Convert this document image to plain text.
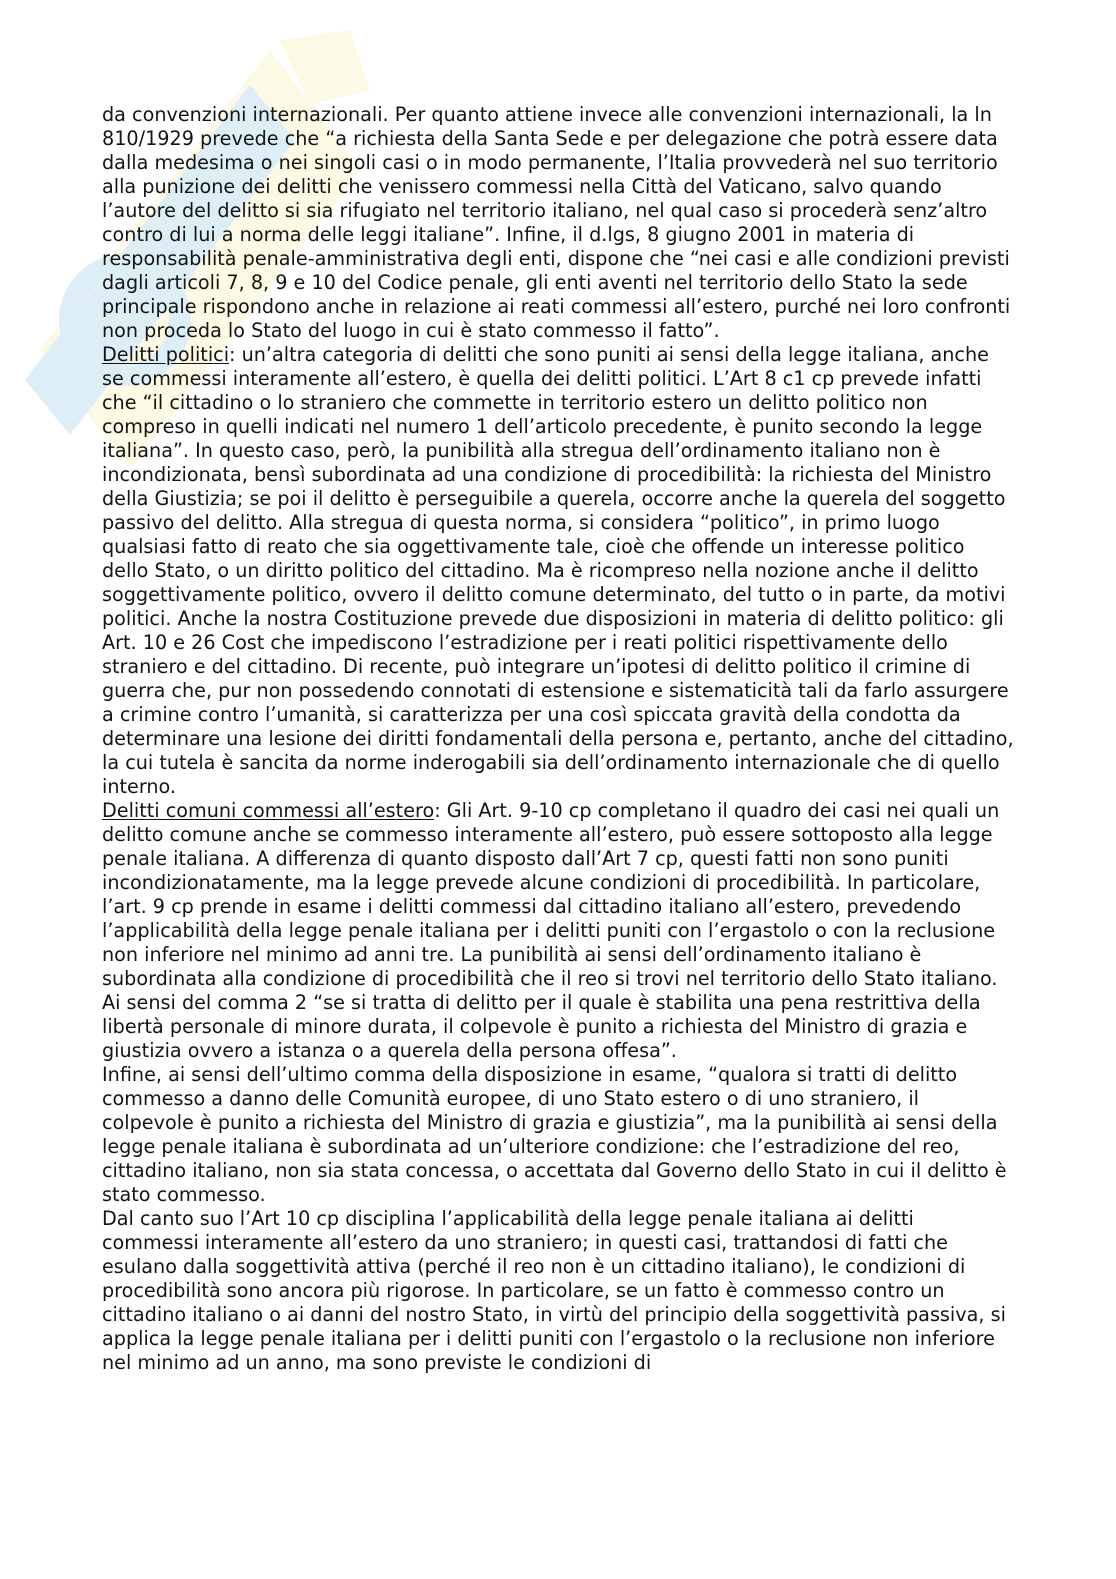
da convenzioni internazionali. Per quanto attiene invece alle convenzioni internazionali, la ln 810/1929 prevede che “a richiesta della Santa Sede e per delegazione che potrà essere data dalla medesima o nei singoli casi o in modo permanente, l’Italia provvederà nel suo territorio alla punizione dei delitti che venissero commessi nella Città del Vaticano, salvo quando l’autore del delitto si sia rifugiato nel territorio italiano, nel qual caso si procederà senz’altro contro di lui a norma delle leggi italiane”. Infine, il d.lgs, 8 giugno 2001 in materia di responsabilità penale-amministrativa degli enti, dispone che “nei casi e alle condizioni previsti dagli articoli 7, 8, 9 e 10 del Codice penale, gli enti aventi nel territorio dello Stato la sede principale rispondono anche in relazione ai reati commessi all’estero, purché nei loro confronti non proceda lo Stato del luogo in cui è stato commesso il fatto”.

Delitti politici: un’altra categoria di delitti che sono puniti ai sensi della legge italiana, anche se commessi interamente all’estero, è quella dei delitti politici. L’Art 8 c1 cp prevede infatti che “il cittadino o lo straniero che commette in territorio estero un delitto politico non compreso in quelli indicati nel numero 1 dell’articolo precedente, è punito secondo la legge italiana”. In questo caso, però, la punibilità alla stregua dell’ordinamento italiano non è incondizionata, bensì subordinata ad una condizione di procedibilità: la richiesta del Ministro della Giustizia; se poi il delitto è perseguibile a querela, occorre anche la querela del soggetto passivo del delitto. Alla stregua di questa norma, si considera “politico”, in primo luogo qualsiasi fatto di reato che sia oggettivamente tale, cioè che offende un interesse politico dello Stato, o un diritto politico del cittadino. Ma è ricompreso nella nozione anche il delitto soggettivamente politico, ovvero il delitto comune determinato, del tutto o in parte, da motivi politici. Anche la nostra Costituzione prevede due disposizioni in materia di delitto politico: gli Art. 10 e 26 Cost che impediscono l’estradizione per i reati politici rispettivamente dello straniero e del cittadino. Di recente, può integrare un’ipotesi di delitto politico il crimine di guerra che, pur non possedendo connotati di estensione e sistematicità tali da farlo assurgere a crimine contro l’umanità, si caratterizza per una così spiccata gravità della condotta da determinare una lesione dei diritti fondamentali della persona e, pertanto, anche del cittadino, la cui tutela è sancita da norme inderogabili sia dell’ordinamento internazionale che di quello interno.

Delitti comuni commessi all’estero: Gli Art. 9-10 cp completano il quadro dei casi nei quali un delitto comune anche se commesso interamente all’estero, può essere sottoposto alla legge penale italiana. A differenza di quanto disposto dall’Art 7 cp, questi fatti non sono puniti incondizionatamente, ma la legge prevede alcune condizioni di procedibilità. In particolare, l’art. 9 cp prende in esame i delitti commessi dal cittadino italiano all’estero, prevedendo l’applicabilità della legge penale italiana per i delitti puniti con l’ergastolo o con la reclusione non inferiore nel minimo ad anni tre. La punibilità ai sensi dell’ordinamento italiano è subordinata alla condizione di procedibilità che il reo si trovi nel territorio dello Stato italiano. Ai sensi del comma 2 “se si tratta di delitto per il quale è stabilita una pena restrittiva della libertà personale di minore durata, il colpevole è punito a richiesta del Ministro di grazia e giustizia ovvero a istanza o a querela della persona offesa”.

Infine, ai sensi dell’ultimo comma della disposizione in esame, “qualora si tratti di delitto commesso a danno delle Comunità europee, di uno Stato estero o di uno straniero, il colpevole è punito a richiesta del Ministro di grazia e giustizia”, ma la punibilità ai sensi della legge penale italiana è subordinata ad un’ulteriore condizione: che l’estradizione del reo, cittadino italiano, non sia stata concessa, o accettata dal Governo dello Stato in cui il delitto è stato commesso.

Dal canto suo l’Art 10 cp disciplina l’applicabilità della legge penale italiana ai delitti commessi interamente all’estero da uno straniero; in questi casi, trattandosi di fatti che esulano dalla soggettività attiva (perché il reo non è un cittadino italiano), le condizioni di procedibilità sono ancora più rigorose. In particolare, se un fatto è commesso contro un cittadino italiano o ai danni del nostro Stato, in virtù del principio della soggettività passiva, si applica la legge penale italiana per i delitti puniti con l’ergastolo o la reclusione non inferiore nel minimo ad un anno, ma sono previste le condizioni di
